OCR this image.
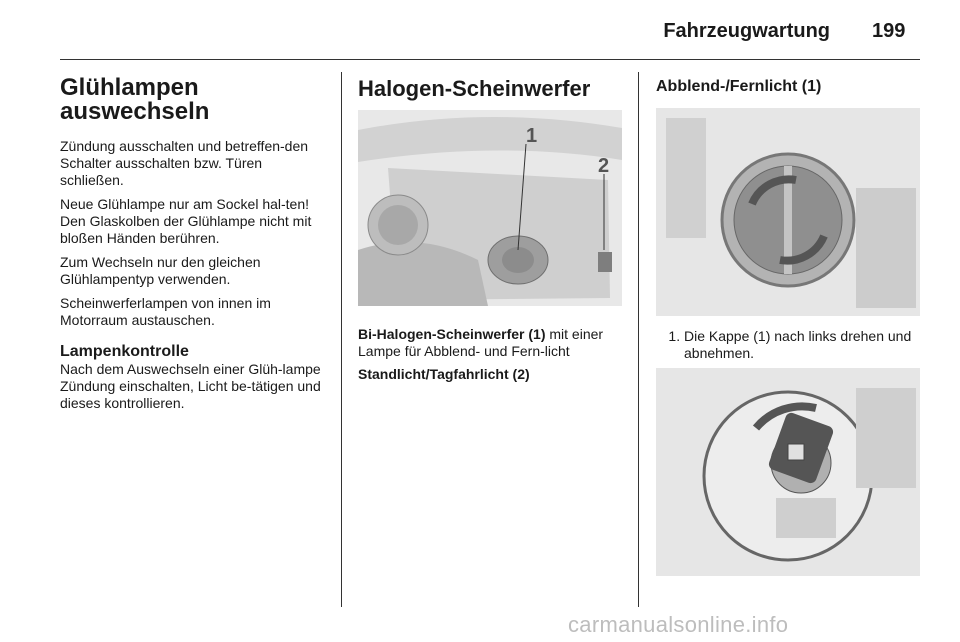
Fahrzeugwartung 199
Glühlampen auswechseln

Zündung ausschalten und betreffen-den Schalter ausschalten bzw. Türen schließen.

Neue Glühlampe nur am Sockel hal-ten! Den Glaskolben der Glühlampe nicht mit bloßen Händen berühren.

Zum Wechseln nur den gleichen Glühlampentyp verwenden.

Scheinwerferlampen von innen im Motorraum austauschen.

Lampenkontrolle

Nach dem Auswechseln einer Glüh-lampe Zündung einschalten, Licht be-tätigen und dieses kontrollieren.

Halogen-Scheinwerfer
1
2

Bi-Halogen-Scheinwerfer (1) mit einer Lampe für Abblend- und Fern-licht

Standlicht/Tagfahrlicht (2)

Abblend-/Fernlicht (1)
1. Die Kappe (1) nach links drehen und abnehmen.
carmanualsonline.info
